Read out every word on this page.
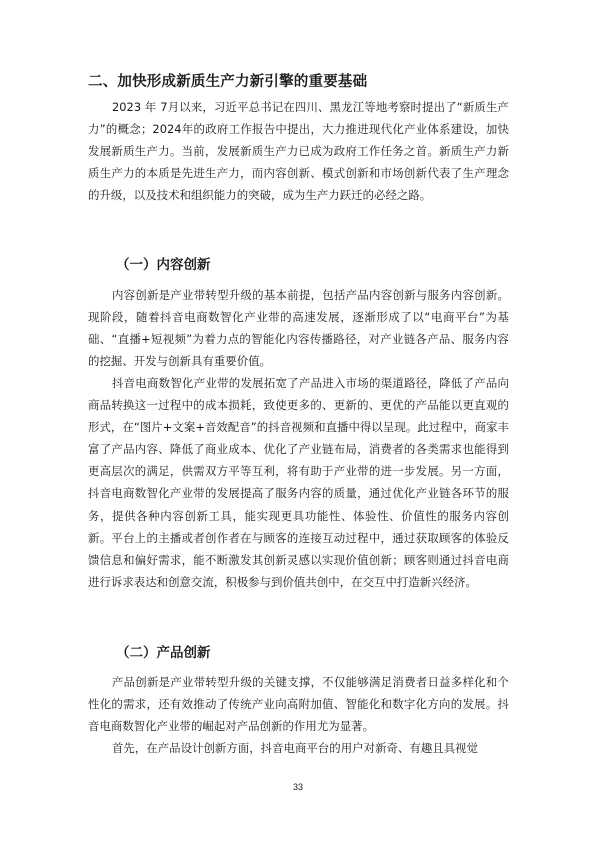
二、加快形成新质生产力新引擎的重要基础

2023 年 7月以来，习近平总书记在四川、黑龙江等地考察时提出了“新质生产力”的概念；2024年的政府工作报告中提出，大力推进现代化产业体系建设，加快发展新质生产力。当前，发展新质生产力已成为政府工作任务之首。新质生产力新质生产力的本质是先进生产力，而内容创新、模式创新和市场创新代表了生产理念的升级，以及技术和组织能力的突破，成为生产力跃迁的必经之路。

（一）内容创新

内容创新是产业带转型升级的基本前提，包括产品内容创新与服务内容创新。现阶段，随着抖音电商数智化产业带的高速发展，逐渐形成了以“电商平台”为基础、“直播+短视频”为着力点的智能化内容传播路径，对产业链各产品、服务内容的挖掘、开发与创新具有重要价值。

抖音电商数智化产业带的发展拓宽了产品进入市场的渠道路径，降低了产品向商品转换这一过程中的成本损耗，致使更多的、更新的、更优的产品能以更直观的形式，在“图片+文案+音效配音”的抖音视频和直播中得以呈现。此过程中，商家丰富了产品内容、降低了商业成本、优化了产业链布局，消费者的各类需求也能得到更高层次的满足，供需双方平等互利，将有助于产业带的进一步发展。另一方面，抖音电商数智化产业带的发展提高了服务内容的质量，通过优化产业链各环节的服务，提供各种内容创新工具，能实现更具功能性、体验性、价值性的服务内容创新。平台上的主播或者创作者在与顾客的连接互动过程中，通过获取顾客的体验反馈信息和偏好需求，能不断激发其创新灵感以实现价值创新；顾客则通过抖音电商进行诉求表达和创意交流，积极参与到价值共创中，在交互中打造新兴经济。

（二）产品创新

产品创新是产业带转型升级的关键支撑，不仅能够满足消费者日益多样化和个性化的需求，还有效推动了传统产业向高附加值、智能化和数字化方向的发展。抖音电商数智化产业带的崛起对产品创新的作用尤为显著。

首先，在产品设计创新方面，抖音电商平台的用户对新奇、有趣且具视觉

33
